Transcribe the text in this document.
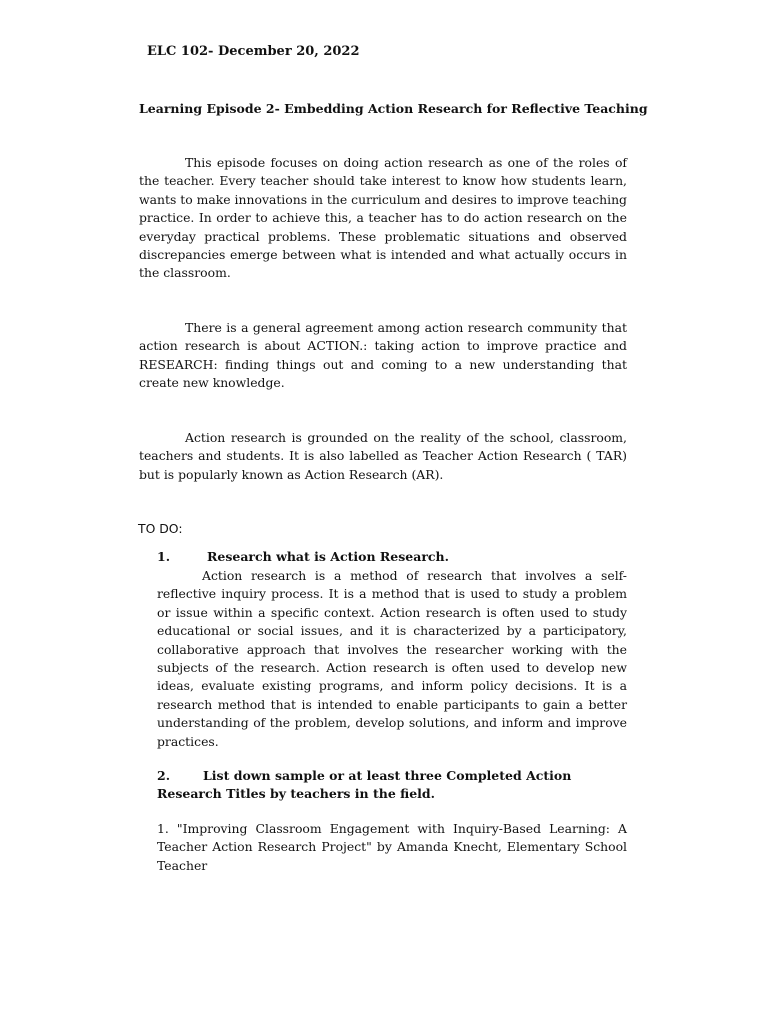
ELC 102- December 20, 2022
Learning Episode 2- Embedding Action Research for Reflective Teaching

This episode focuses on doing action research as one of the roles of the teacher. Every teacher should take interest to know how students learn, wants to make innovations in the curriculum and desires to improve teaching practice. In order to achieve this, a teacher has to do action research on the everyday practical problems. These problematic situations and observed discrepancies emerge between what is intended and what actually occurs in the classroom.

There is a general agreement among action research community that action research is about ACTION.: taking action to improve practice and RESEARCH: finding things out and coming to a new understanding that create new knowledge.

Action research is grounded on the reality of the school, classroom, teachers and students. It is also labelled as Teacher Action Research ( TAR) but is popularly known as Action Research (AR).

TO DO:
1.	Research what is Action Research.

Action research is a method of research that involves a self-reflective inquiry process. It is a method that is used to study a problem or issue within a specific context. Action research is often used to study educational or social issues, and it is characterized by a participatory, collaborative approach that involves the researcher working with the subjects of the research. Action research is often used to develop new ideas, evaluate existing programs, and inform policy decisions. It is a research method that is intended to enable participants to gain a better understanding of the problem, develop solutions, and inform and improve practices.

2.	List down sample or at least three Completed Action Research Titles by teachers in the field.

1. "Improving Classroom Engagement with Inquiry-Based Learning: A Teacher Action Research Project" by Amanda Knecht, Elementary School Teacher
